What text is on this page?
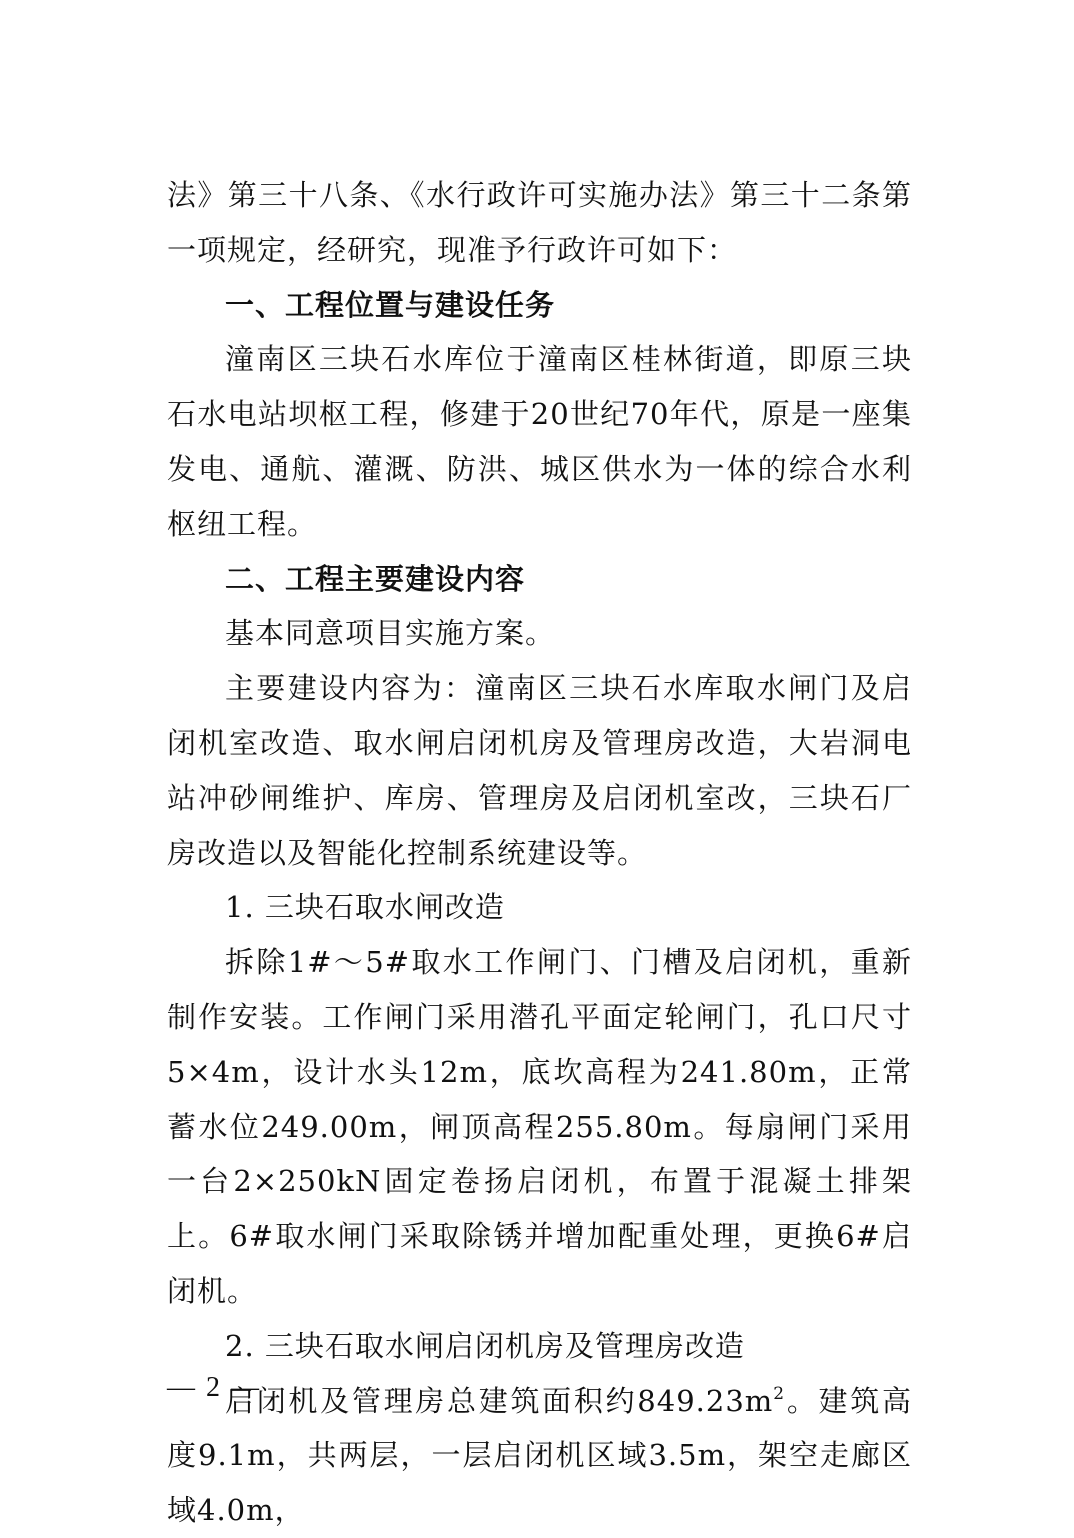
法》第三十八条、《水行政许可实施办法》第三十二条第一项规定，经研究，现准予行政许可如下：

一、工程位置与建设任务

潼南区三块石水库位于潼南区桂林街道，即原三块石水电站坝枢工程，修建于20世纪70年代，原是一座集发电、通航、灌溉、防洪、城区供水为一体的综合水利枢纽工程。

二、工程主要建设内容

基本同意项目实施方案。

主要建设内容为：潼南区三块石水库取水闸门及启闭机室改造、取水闸启闭机房及管理房改造，大岩洞电站冲砂闸维护、库房、管理房及启闭机室改，三块石厂房改造以及智能化控制系统建设等。

1. 三块石取水闸改造

拆除1#～5#取水工作闸门、门槽及启闭机，重新制作安装。工作闸门采用潜孔平面定轮闸门，孔口尺寸5×4m，设计水头12m，底坎高程为241.80m，正常蓄水位249.00m，闸顶高程255.80m。每扇闸门采用一台2×250kN固定卷扬启闭机，布置于混凝土排架上。6#取水闸门采取除锈并增加配重处理，更换6#启闭机。

2. 三块石取水闸启闭机房及管理房改造

启闭机及管理房总建筑面积约$849.23m^2$。建筑高度9.1m，共两层，一层启闭机区域3.5m，架空走廊区域4.0m，

— 2 —
